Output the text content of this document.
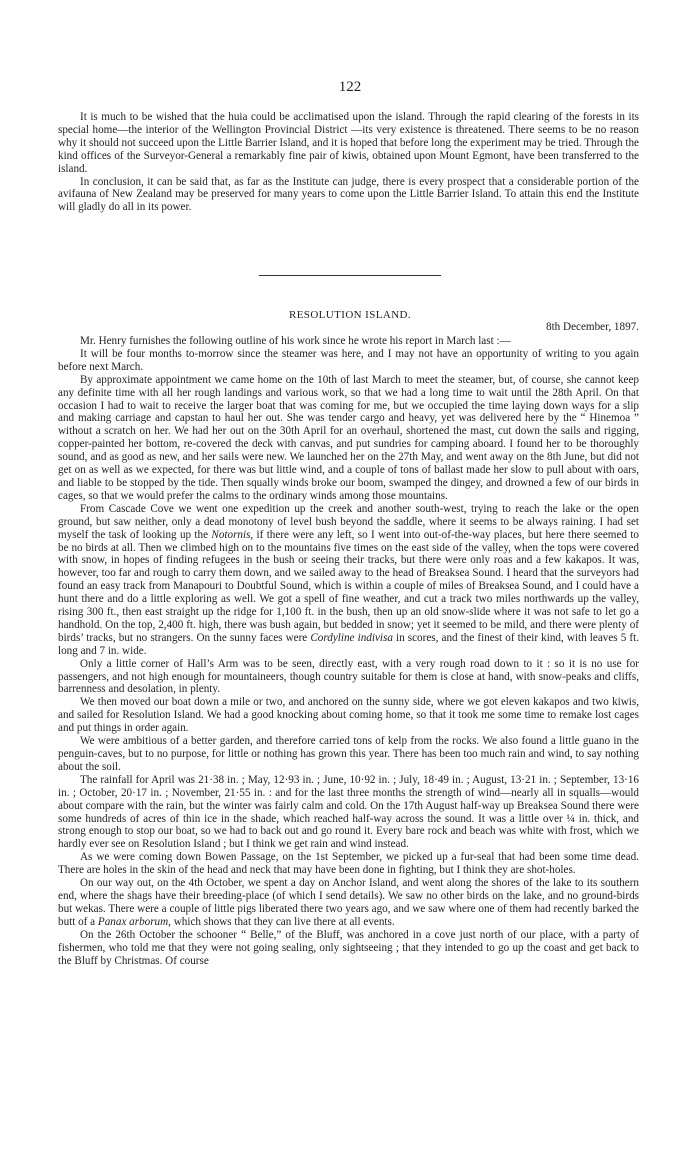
122

It is much to be wished that the huia could be acclimatised upon the island. Through the rapid clearing of the forests in its special home—the interior of the Wellington Provincial District —its very existence is threatened. There seems to be no reason why it should not succeed upon the Little Barrier Island, and it is hoped that before long the experiment may be tried. Through the kind offices of the Surveyor-General a remarkably fine pair of kiwis, obtained upon Mount Egmont, have been transferred to the island.

In conclusion, it can be said that, as far as the Institute can judge, there is every prospect that a considerable portion of the avifauna of New Zealand may be preserved for many years to come upon the Little Barrier Island. To attain this end the Institute will gladly do all in its power.

RESOLUTION ISLAND.
8th December, 1897.

Mr. Henry furnishes the following outline of his work since he wrote his report in March last :—

It will be four months to-morrow since the steamer was here, and I may not have an opportunity of writing to you again before next March.

By approximate appointment we came home on the 10th of last March to meet the steamer, but, of course, she cannot keep any definite time with all her rough landings and various work, so that we had a long time to wait until the 28th April. On that occasion I had to wait to receive the larger boat that was coming for me, but we occupied the time laying down ways for a slip and making carriage and capstan to haul her out. She was tender cargo and heavy, yet was delivered here by the “ Hinemoa ” without a scratch on her. We had her out on the 30th April for an overhaul, shortened the mast, cut down the sails and rigging, copper-painted her bottom, re-covered the deck with canvas, and put sundries for camping aboard. I found her to be thoroughly sound, and as good as new, and her sails were new. We launched her on the 27th May, and went away on the 8th June, but did not get on as well as we expected, for there was but little wind, and a couple of tons of ballast made her slow to pull about with oars, and liable to be stopped by the tide. Then squally winds broke our boom, swamped the dingey, and drowned a few of our birds in cages, so that we would prefer the calms to the ordinary winds among those mountains.

From Cascade Cove we went one expedition up the creek and another south-west, trying to reach the lake or the open ground, but saw neither, only a dead monotony of level bush beyond the saddle, where it seems to be always raining. I had set myself the task of looking up the Notornis, if there were any left, so I went into out-of-the-way places, but here there seemed to be no birds at all. Then we climbed high on to the mountains five times on the east side of the valley, when the tops were covered with snow, in hopes of finding refugees in the bush or seeing their tracks, but there were only roas and a few kakapos. It was, however, too far and rough to carry them down, and we sailed away to the head of Breaksea Sound. I heard that the surveyors had found an easy track from Manapouri to Doubtful Sound, which is within a couple of miles of Breaksea Sound, and I could have a hunt there and do a little exploring as well. We got a spell of fine weather, and cut a track two miles northwards up the valley, rising 300 ft., then east straight up the ridge for 1,100 ft. in the bush, then up an old snow-slide where it was not safe to let go a handhold. On the top, 2,400 ft. high, there was bush again, but bedded in snow; yet it seemed to be mild, and there were plenty of birds’ tracks, but no strangers. On the sunny faces were Cordyline indivisa in scores, and the finest of their kind, with leaves 5 ft. long and 7 in. wide.

Only a little corner of Hall’s Arm was to be seen, directly east, with a very rough road down to it : so it is no use for passengers, and not high enough for mountaineers, though country suitable for them is close at hand, with snow-peaks and cliffs, barrenness and desolation, in plenty.

We then moved our boat down a mile or two, and anchored on the sunny side, where we got eleven kakapos and two kiwis, and sailed for Resolution Island. We had a good knocking about coming home, so that it took me some time to remake lost cages and put things in order again.

We were ambitious of a better garden, and therefore carried tons of kelp from the rocks. We also found a little guano in the penguin-caves, but to no purpose, for little or nothing has grown this year. There has been too much rain and wind, to say nothing about the soil.

The rainfall for April was 21·38 in. ; May, 12·93 in. ; June, 10·92 in. ; July, 18·49 in. ; August, 13·21 in. ; September, 13·16 in. ; October, 20·17 in. ; November, 21·55 in. : and for the last three months the strength of wind—nearly all in squalls—would about compare with the rain, but the winter was fairly calm and cold. On the 17th August half-way up Breaksea Sound there were some hundreds of acres of thin ice in the shade, which reached half-way across the sound. It was a little over ¼ in. thick, and strong enough to stop our boat, so we had to back out and go round it. Every bare rock and beach was white with frost, which we hardly ever see on Resolution Island ; but I think we get rain and wind instead.

As we were coming down Bowen Passage, on the 1st September, we picked up a fur-seal that had been some time dead. There are holes in the skin of the head and neck that may have been done in fighting, but I think they are shot-holes.

On our way out, on the 4th October, we spent a day on Anchor Island, and went along the shores of the lake to its southern end, where the shags have their breeding-place (of which I send details). We saw no other birds on the lake, and no ground-birds but wekas. There were a couple of little pigs liberated there two years ago, and we saw where one of them had recently barked the butt of a Panax arborum, which shows that they can live there at all events.

On the 26th October the schooner “ Belle,” of the Bluff, was anchored in a cove just north of our place, with a party of fishermen, who told me that they were not going sealing, only sightseeing ; that they intended to go up the coast and get back to the Bluff by Christmas. Of course
